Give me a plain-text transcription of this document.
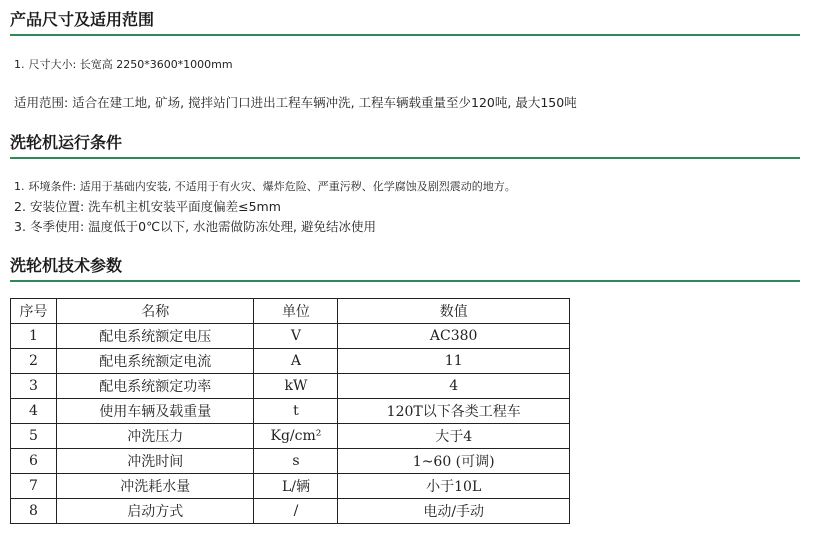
产品尺寸及适用范围
1. 尺寸大小: 长宽高 2250*3600*1000mm
适用范围: 适合在建工地, 矿场, 搅拌站门口进出工程车辆冲洗, 工程车辆载重量至少120吨, 最大150吨
洗轮机运行条件
1. 环境条件: 适用于基础内安装, 不适用于有火灾、爆炸危险、严重污秽、化学腐蚀及剧烈震动的地方。
2. 安装位置: 洗车机主机安装平面度偏差≤5mm
3. 冬季使用: 温度低于0℃以下, 水池需做防冻处理, 避免结冰使用
洗轮机技术参数
序号	名称	单位	数值
1	配电系统额定电压	V	AC380
2	配电系统额定电流	A	11
3	配电系统额定功率	kW	4
4	使用车辆及载重量	t	120T以下各类工程车
5	冲洗压力	Kg/cm²	大于4
6	冲洗时间	s	1~60 (可调)
7	冲洗耗水量	L/辆	小于10L
8	启动方式	/	电动/手动
